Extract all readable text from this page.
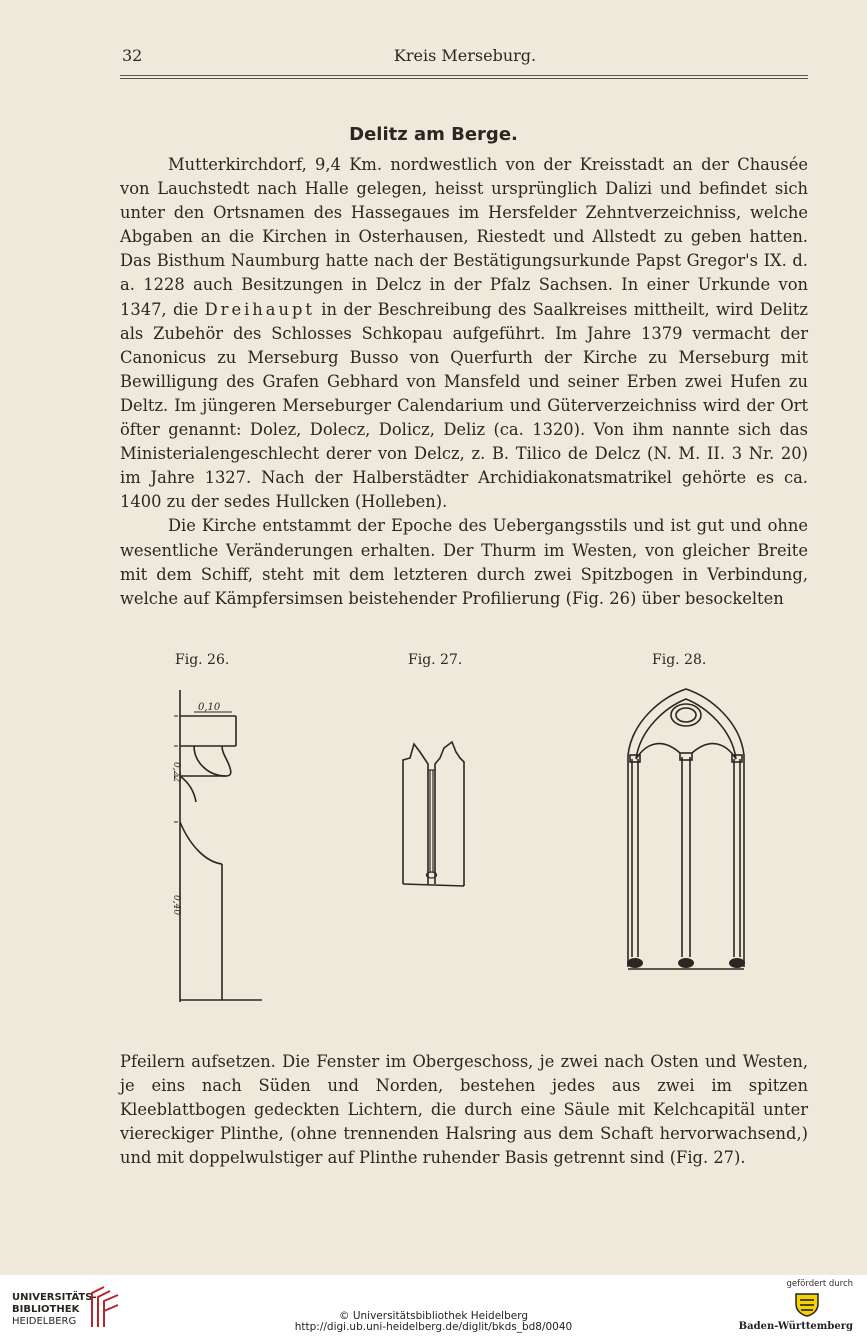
32	Kreis Merseburg.
Delitz am Berge.

Mutterkirchdorf, 9,4 Km. nordwestlich von der Kreisstadt an der Chausée von Lauchstedt nach Halle gelegen, heisst ursprünglich Dalizi und befindet sich unter den Ortsnamen des Hassegaues im Hersfelder Zehntverzeichniss, welche Abgaben an die Kirchen in Osterhausen, Riestedt und Allstedt zu geben hatten. Das Bisthum Naumburg hatte nach der Bestätigungsurkunde Papst Gregor's IX. d. a. 1228 auch Besitzungen in Delcz in der Pfalz Sachsen. In einer Urkunde von 1347, die Dreihaupt in der Beschreibung des Saalkreises mittheilt, wird Delitz als Zubehör des Schlosses Schkopau aufgeführt. Im Jahre 1379 vermacht der Canonicus zu Merseburg Busso von Querfurth der Kirche zu Merseburg mit Bewilligung des Grafen Gebhard von Mansfeld und seiner Erben zwei Hufen zu Deltz. Im jüngeren Merseburger Calendarium und Güterverzeichniss wird der Ort öfter genannt: Dolez, Dolecz, Dolicz, Deliz (ca. 1320). Von ihm nannte sich das Ministerialengeschlecht derer von Delcz, z. B. Tilico de Delcz (N. M. II. 3 Nr. 20) im Jahre 1327. Nach der Halberstädter Archidiakonatsmatrikel gehörte es ca. 1400 zu der sedes Hullcken (Holleben).

Die Kirche entstammt der Epoche des Uebergangsstils und ist gut und ohne wesentliche Veränderungen erhalten. Der Thurm im Westen, von gleicher Breite mit dem Schiff, steht mit dem letzteren durch zwei Spitzbogen in Verbindung, welche auf Kämpfersimsen beistehender Profilierung (Fig. 26) über besockelten

Fig. 26.	Fig. 27.	Fig. 28.
0,10
0,22
0,40

Pfeilern aufsetzen. Die Fenster im Obergeschoss, je zwei nach Osten und Westen, je eins nach Süden und Norden, bestehen jedes aus zwei im spitzen Kleeblattbogen gedeckten Lichtern, die durch eine Säule mit Kelchcapitäl unter viereckiger Plinthe, (ohne trennenden Halsring aus dem Schaft hervorwachsend,) und mit doppelwulstiger auf Plinthe ruhender Basis getrennt sind (Fig. 27).

UNIVERSITÄTS-
BIBLIOTHEK
HEIDELBERG	© Universitätsbibliothek Heidelberg
http://digi.ub.uni-heidelberg.de/diglit/bkds_bd8/0040
gefördert durch
Baden-Württemberg
